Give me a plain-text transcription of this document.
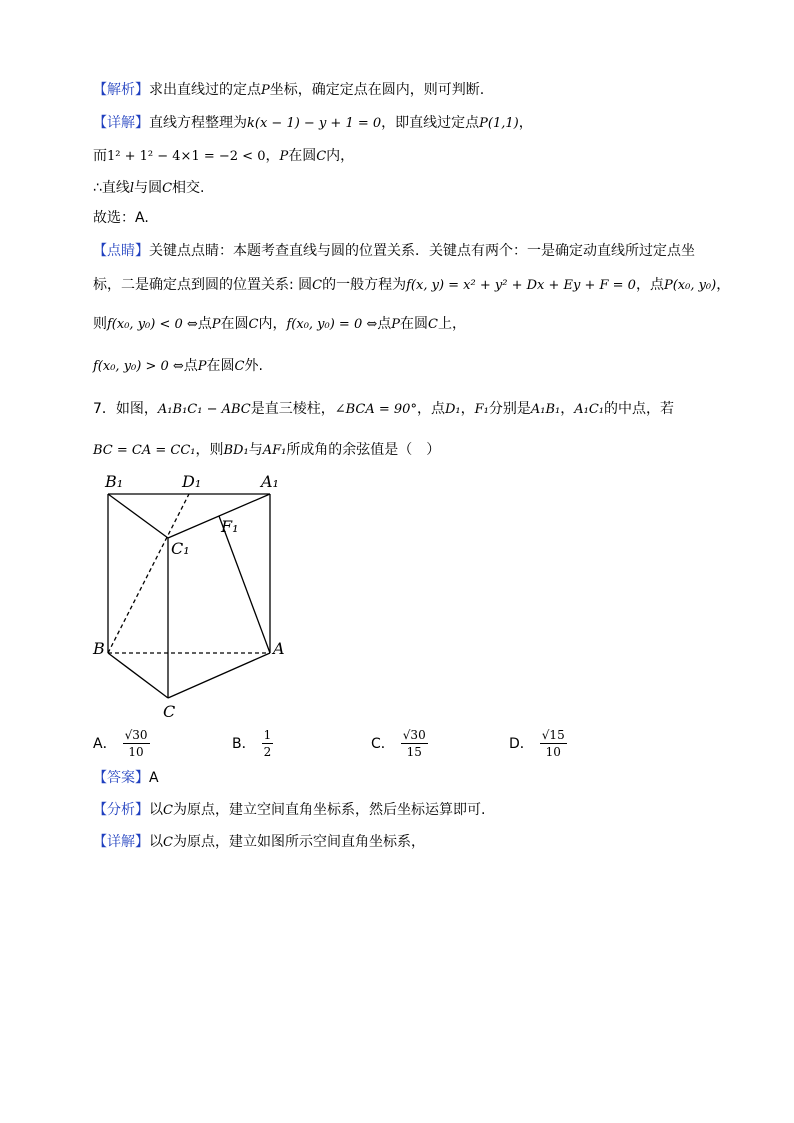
【解析】求出直线过的定点P坐标，确定定点在圆内，则可判断.
【详解】直线方程整理为k(x − 1) − y + 1 = 0，即直线过定点P(1,1)，
而1² + 1² − 4×1 = −2 < 0，P在圆C内，
∴直线l与圆C相交.
故选：A.
【点睛】关键点点睛：本题考查直线与圆的位置关系．关键点有两个：一是确定动直线所过定点坐
标，二是确定点到圆的位置关系: 圆C的一般方程为f(x, y) = x² + y² + Dx + Ey + F = 0，点P(x₀, y₀)，
则f(x₀, y₀) < 0 ⇔点P在圆C内，f(x₀, y₀) = 0 ⇔点P在圆C上，
f(x₀, y₀) > 0 ⇔点P在圆C外.
7．如图，A₁B₁C₁ − ABC是直三棱柱，∠BCA = 90°，点D₁，F₁分别是A₁B₁，A₁C₁的中点，若
BC = CA = CC₁，则BD₁与AF₁所成角的余弦值是（　）
B₁	D₁	A₁
F₁
C₁
B	A
C
A． $\frac{√30}{10}$	B． $\frac{1}{2}$	C． $\frac{√30}{15}$	D． $\frac{√15}{10}$
【答案】A
【分析】以C为原点，建立空间直角坐标系，然后坐标运算即可.
【详解】以C为原点，建立如图所示空间直角坐标系，
